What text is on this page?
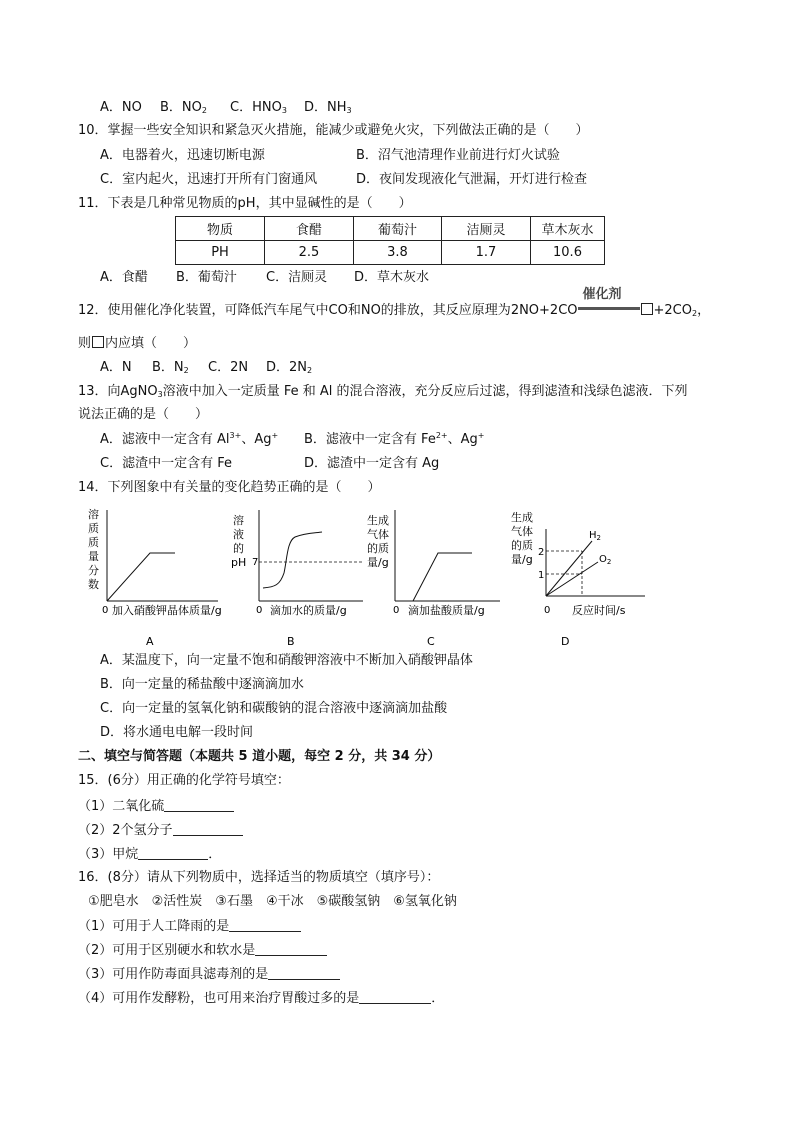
A．NO B．$NO_2$ C．$HNO_3$ D．$NH_3$
10．掌握一些安全知识和紧急灭火措施，能减少或避免火灾，下列做法正确的是（　　）
A．电器着火，迅速切断电源	B．沼气池清理作业前进行灯火试验
C．室内起火，迅速打开所有门窗通风	D．夜间发现液化气泄漏，开灯进行检查
11．下表是几种常见物质的pH，其中显碱性的是（　　）
物质	食醋	葡萄汁	洁厕灵	草木灰水
PH	2.5	3.8	1.7	10.6
A．食醋 B．葡萄汁 C．洁厕灵 D．草木灰水
12．使用催化净化装置，可降低汽车尾气中CO和NO的排放，其反应原理为2NO+2CO
催化剂
$+2CO_2$，
则 内应填（　　）
A．N B．$N_2$ C．2N D．$2N_2$
13．向AgNO$_3$溶液中加入一定质量 Fe 和 Al 的混合溶液，充分反应后过滤，得到滤渣和浅绿色滤液．下列
说法正确的是（　　）
A．滤液中一定含有 $Al^{3+}$、Ag+ B．滤液中一定含有 $Fe^{2+}$、Ag+
C．滤渣中一定含有 Fe	D．滤渣中一定含有 Ag
14．下列图象中有关量的变化趋势正确的是（　　）
溶
质
质
量
分
数
0 加入硝酸钾晶体质量/g
A
溶
液
的
pH 7
0 滴加水的质量/g
B
生成
气体
的质
量/g
0 滴加盐酸质量/g
C
生成
气体
的质
量/g
2
1
0 反应时间/s
$H_2$
$O_2$
D
A．某温度下，向一定量不饱和硝酸钾溶液中不断加入硝酸钾晶体
B．向一定量的稀盐酸中逐滴滴加水
C．向一定量的氢氧化钠和碳酸钠的混合溶液中逐滴滴加盐酸
D．将水通电电解一段时间
二、填空与简答题（本题共 5 道小题，每空 2 分，共 34 分）
15．(6分）用正确的化学符号填空：
（1）二氧化硫
（2）2个氢分子
（3）甲烷	．
16．(8分）请从下列物质中，选择适当的物质填空（填序号）：
①肥皂水　②活性炭　③石墨　④干冰　⑤碳酸氢钠　⑥氢氧化钠
（1）可用于人工降雨的是
（2）可用于区别硬水和软水是
（3）可用作防毒面具滤毒剂的是
（4）可用作发酵粉，也可用来治疗胃酸过多的是	．
